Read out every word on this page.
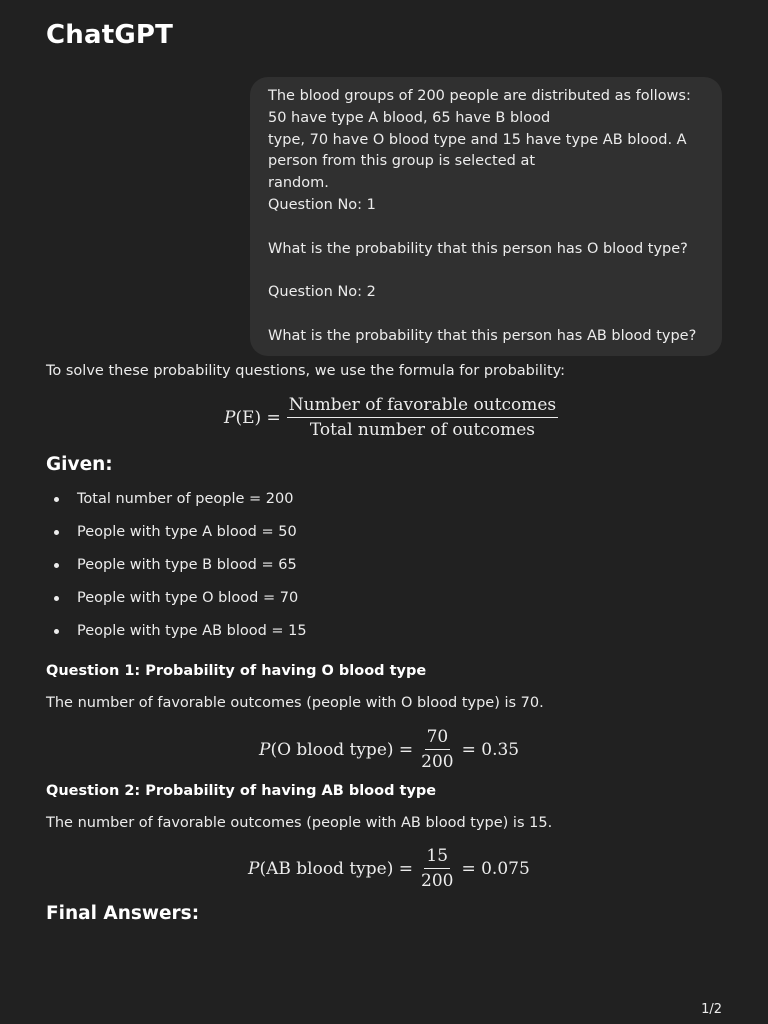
ChatGPT
The blood groups of 200 people are distributed as follows:
50 have type A blood, 65 have B blood
type, 70 have O blood type and 15 have type AB blood. A
person from this group is selected at
random.
Question No: 1
What is the probability that this person has O blood type?
Question No: 2
What is the probability that this person has AB blood type?
To solve these probability questions, we use the formula for probability:
P $(E) = \frac{\text{Number of favorable outcomes}}{\text{Total number of outcomes}}$
Given:
Total number of people = 200
People with type A blood = 50
People with type B blood = 65
People with type O blood = 70
People with type AB blood = 15
Question 1: Probability of having O blood type
The number of favorable outcomes (people with O blood type) is 70.
P (O blood type) = $\frac{70}{200} = 0.35$
Question 2: Probability of having AB blood type
The number of favorable outcomes (people with AB blood type) is 15.
P (AB blood type) = $\frac{15}{200} = 0.075$
Final Answers:
1/2
